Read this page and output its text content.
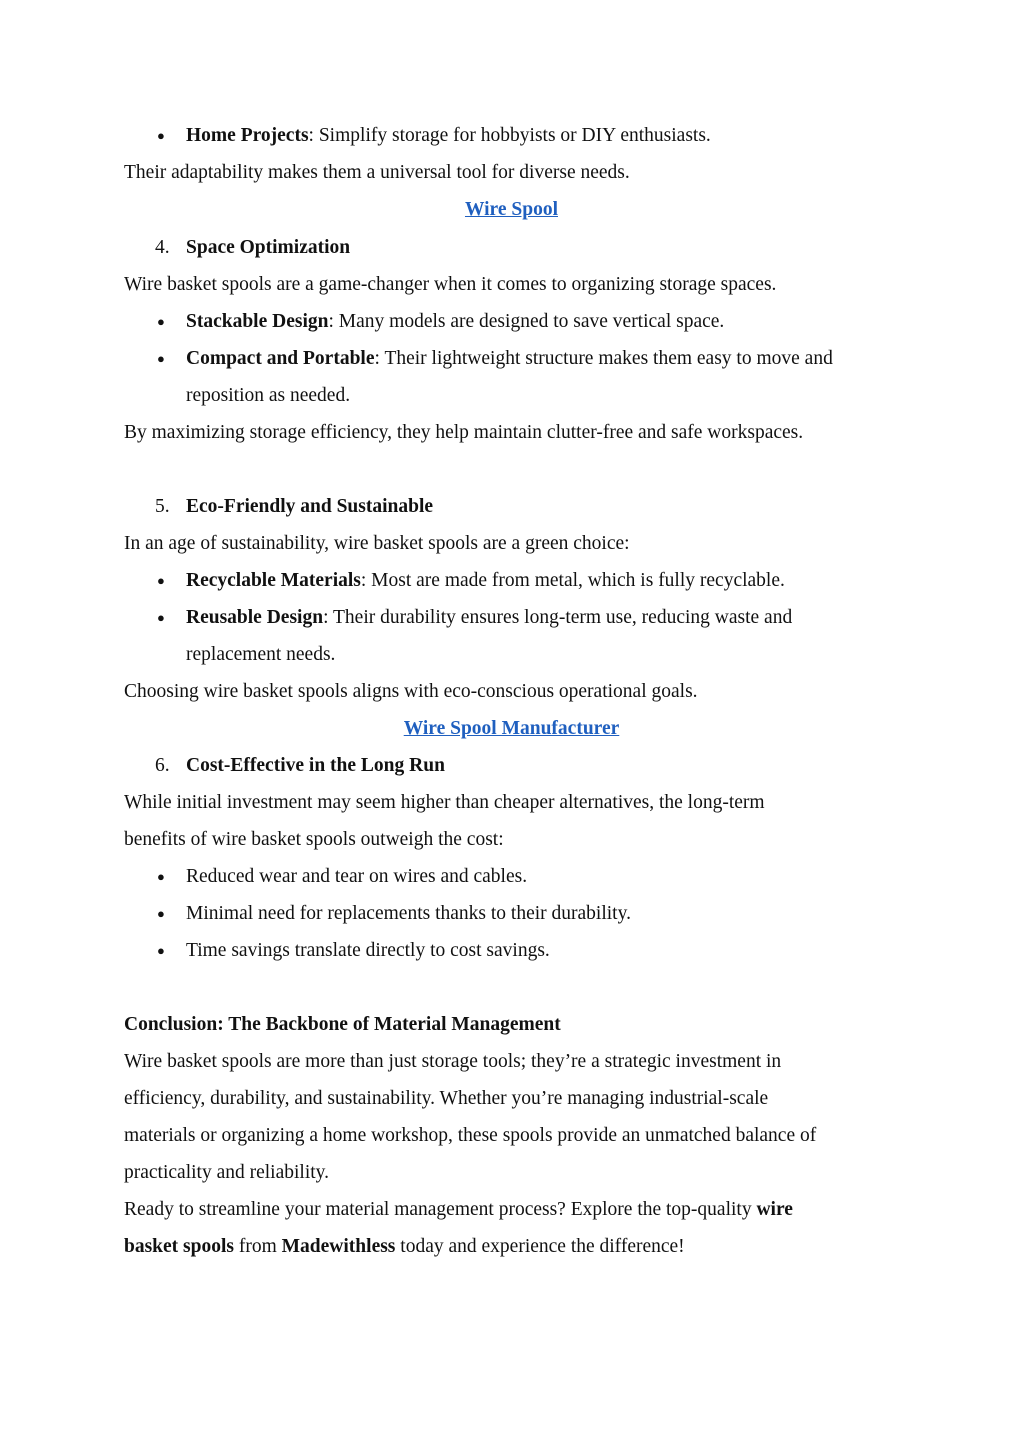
● Home Projects: Simplify storage for hobbyists or DIY enthusiasts.
Their adaptability makes them a universal tool for diverse needs.
Wire Spool
4. Space Optimization
Wire basket spools are a game-changer when it comes to organizing storage spaces.
● Stackable Design: Many models are designed to save vertical space.
● Compact and Portable: Their lightweight structure makes them easy to move and
reposition as needed.
By maximizing storage efficiency, they help maintain clutter-free and safe workspaces.
5. Eco-Friendly and Sustainable
In an age of sustainability, wire basket spools are a green choice:
● Recyclable Materials: Most are made from metal, which is fully recyclable.
● Reusable Design: Their durability ensures long-term use, reducing waste and
replacement needs.
Choosing wire basket spools aligns with eco-conscious operational goals.
Wire Spool Manufacturer
6. Cost-Effective in the Long Run
While initial investment may seem higher than cheaper alternatives, the long-term
benefits of wire basket spools outweigh the cost:
● Reduced wear and tear on wires and cables.
● Minimal need for replacements thanks to their durability.
● Time savings translate directly to cost savings.
Conclusion: The Backbone of Material Management
Wire basket spools are more than just storage tools; they’re a strategic investment in
efficiency, durability, and sustainability. Whether you’re managing industrial-scale
materials or organizing a home workshop, these spools provide an unmatched balance of
practicality and reliability.
Ready to streamline your material management process? Explore the top-quality wire
basket spools from Madewithless today and experience the difference!
